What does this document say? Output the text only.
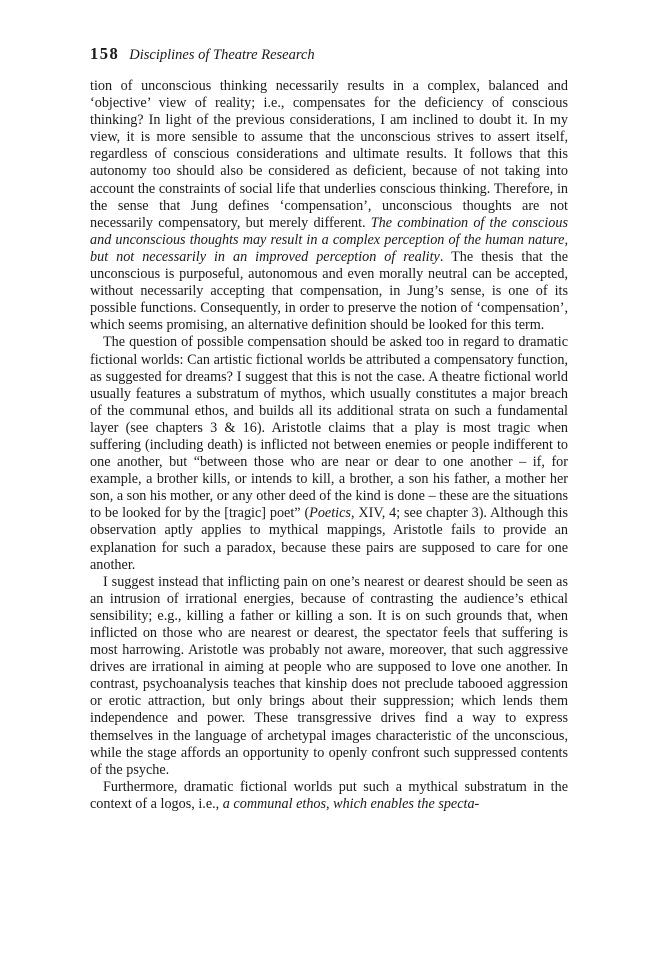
158 Disciplines of Theatre Research

tion of unconscious thinking necessarily results in a complex, balanced and ‘objective’ view of reality; i.e., compensates for the deficiency of conscious thinking? In light of the previous considerations, I am inclined to doubt it. In my view, it is more sensible to assume that the unconscious strives to assert itself, regardless of conscious considerations and ultimate results. It follows that this autonomy too should also be considered as deficient, because of not taking into account the constraints of social life that underlies conscious thinking. Therefore, in the sense that Jung defines ‘compensation’, unconscious thoughts are not necessarily compensatory, but merely different. The combination of the conscious and unconscious thoughts may result in a complex perception of the human nature, but not necessarily in an improved perception of reality. The thesis that the unconscious is purposeful, autonomous and even morally neutral can be accepted, without necessarily accepting that compensation, in Jung’s sense, is one of its possible functions. Consequently, in order to preserve the notion of ‘compensation’, which seems promising, an alternative definition should be looked for this term.

The question of possible compensation should be asked too in regard to dramatic fictional worlds: Can artistic fictional worlds be attributed a compensatory function, as suggested for dreams? I suggest that this is not the case. A theatre fictional world usually features a substratum of mythos, which usually constitutes a major breach of the communal ethos, and builds all its additional strata on such a fundamental layer (see chapters 3 & 16). Aristotle claims that a play is most tragic when suffering (including death) is inflicted not between enemies or people indifferent to one another, but “between those who are near or dear to one another – if, for example, a brother kills, or intends to kill, a brother, a son his father, a mother her son, a son his mother, or any other deed of the kind is done – these are the situations to be looked for by the [tragic] poet” (Poetics, XIV, 4; see chapter 3). Although this observation aptly applies to mythical mappings, Aristotle fails to provide an explanation for such a paradox, because these pairs are supposed to care for one another.

I suggest instead that inflicting pain on one’s nearest or dearest should be seen as an intrusion of irrational energies, because of contrasting the audience’s ethical sensibility; e.g., killing a father or killing a son. It is on such grounds that, when inflicted on those who are nearest or dearest, the spectator feels that suffering is most harrowing. Aristotle was probably not aware, moreover, that such aggressive drives are irrational in aiming at people who are supposed to love one another. In contrast, psychoanalysis teaches that kinship does not preclude tabooed aggression or erotic attraction, but only brings about their suppression; which lends them independence and power. These transgressive drives find a way to express themselves in the language of archetypal images characteristic of the unconscious, while the stage affords an opportunity to openly confront such suppressed contents of the psyche.

Furthermore, dramatic fictional worlds put such a mythical substratum in the context of a logos, i.e., a communal ethos, which enables the specta-
